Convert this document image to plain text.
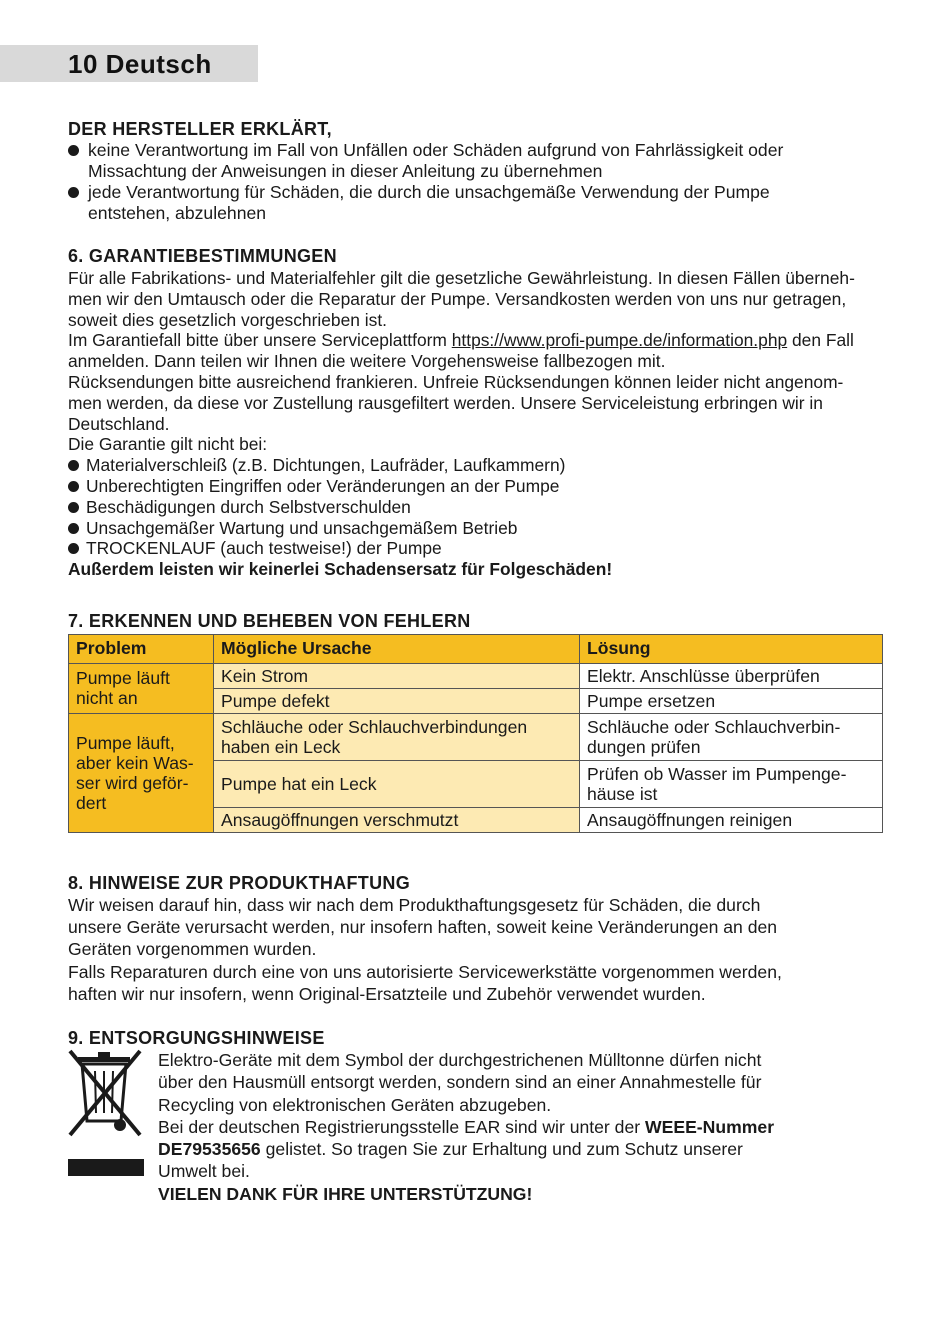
10 Deutsch
DER HERSTELLER ERKLÄRT,
keine Verantwortung im Fall von Unfällen oder Schäden aufgrund von Fahrlässigkeit oder
Missachtung der Anweisungen in dieser Anleitung zu übernehmen
jede Verantwortung für Schäden, die durch die unsachgemäße Verwendung der Pumpe
entstehen, abzulehnen
6. GARANTIEBESTIMMUNGEN

Für alle Fabrikations- und Materialfehler gilt die gesetzliche Gewährleistung. In diesen Fällen überneh-

men wir den Umtausch oder die Reparatur der Pumpe. Versandkosten werden von uns nur getragen,

soweit dies gesetzlich vorgeschrieben ist.

Im Garantiefall bitte über unsere Serviceplattform https://www.profi-pumpe.de/information.php den Fall

anmelden. Dann teilen wir Ihnen die weitere Vorgehensweise fallbezogen mit.

Rücksendungen bitte ausreichend frankieren. Unfreie Rücksendungen können leider nicht angenom-

men werden, da diese vor Zustellung rausgefiltert werden. Unsere Serviceleistung erbringen wir in

Deutschland.

Die Garantie gilt nicht bei:

Materialverschleiß (z.B. Dichtungen, Laufräder, Laufkammern)
Unberechtigten Eingriffen oder Veränderungen an der Pumpe
Beschädigungen durch Selbstverschulden
Unsachgemäßer Wartung und unsachgemäßem Betrieb
TROCKENLAUF (auch testweise!) der Pumpe

Außerdem leisten wir keinerlei Schadensersatz für Folgeschäden!

7. ERKENNEN UND BEHEBEN VON FEHLERN
Problem	Mögliche Ursache	Lösung
Pumpe läuft
nicht an	Kein Strom	Elektr. Anschlüsse überprüfen
	Pumpe defekt	Pumpe ersetzen
Pumpe läuft,
aber kein Was-
ser wird geför-
dert	Schläuche oder Schlauchverbindungen
haben ein Leck	Schläuche oder Schlauchverbin-
dungen prüfen
	Pumpe hat ein Leck	Prüfen ob Wasser im Pumpenge-
häuse ist
	Ansaugöffnungen verschmutzt	Ansaugöffnungen reinigen
8. HINWEISE ZUR PRODUKTHAFTUNG

Wir weisen darauf hin, dass wir nach dem Produkthaftungsgesetz für Schäden, die durch

unsere Geräte verursacht werden, nur insofern haften, soweit keine Veränderungen an den

Geräten vorgenommen wurden.

Falls Reparaturen durch eine von uns autorisierte Servicewerkstätte vorgenommen werden,

haften wir nur insofern, wenn Original-Ersatzteile und Zubehör verwendet wurden.

9. ENTSORGUNGSHINWEISE

Elektro-Geräte mit dem Symbol der durchgestrichenen Mülltonne dürfen nicht

über den Hausmüll entsorgt werden, sondern sind an einer Annahmestelle für

Recycling von elektronischen Geräten abzugeben.

Bei der deutschen Registrierungsstelle EAR sind wir unter der WEEE-Nummer

DE79535656 gelistet. So tragen Sie zur Erhaltung und zum Schutz unserer

Umwelt bei.

VIELEN DANK FÜR IHRE UNTERSTÜTZUNG!
